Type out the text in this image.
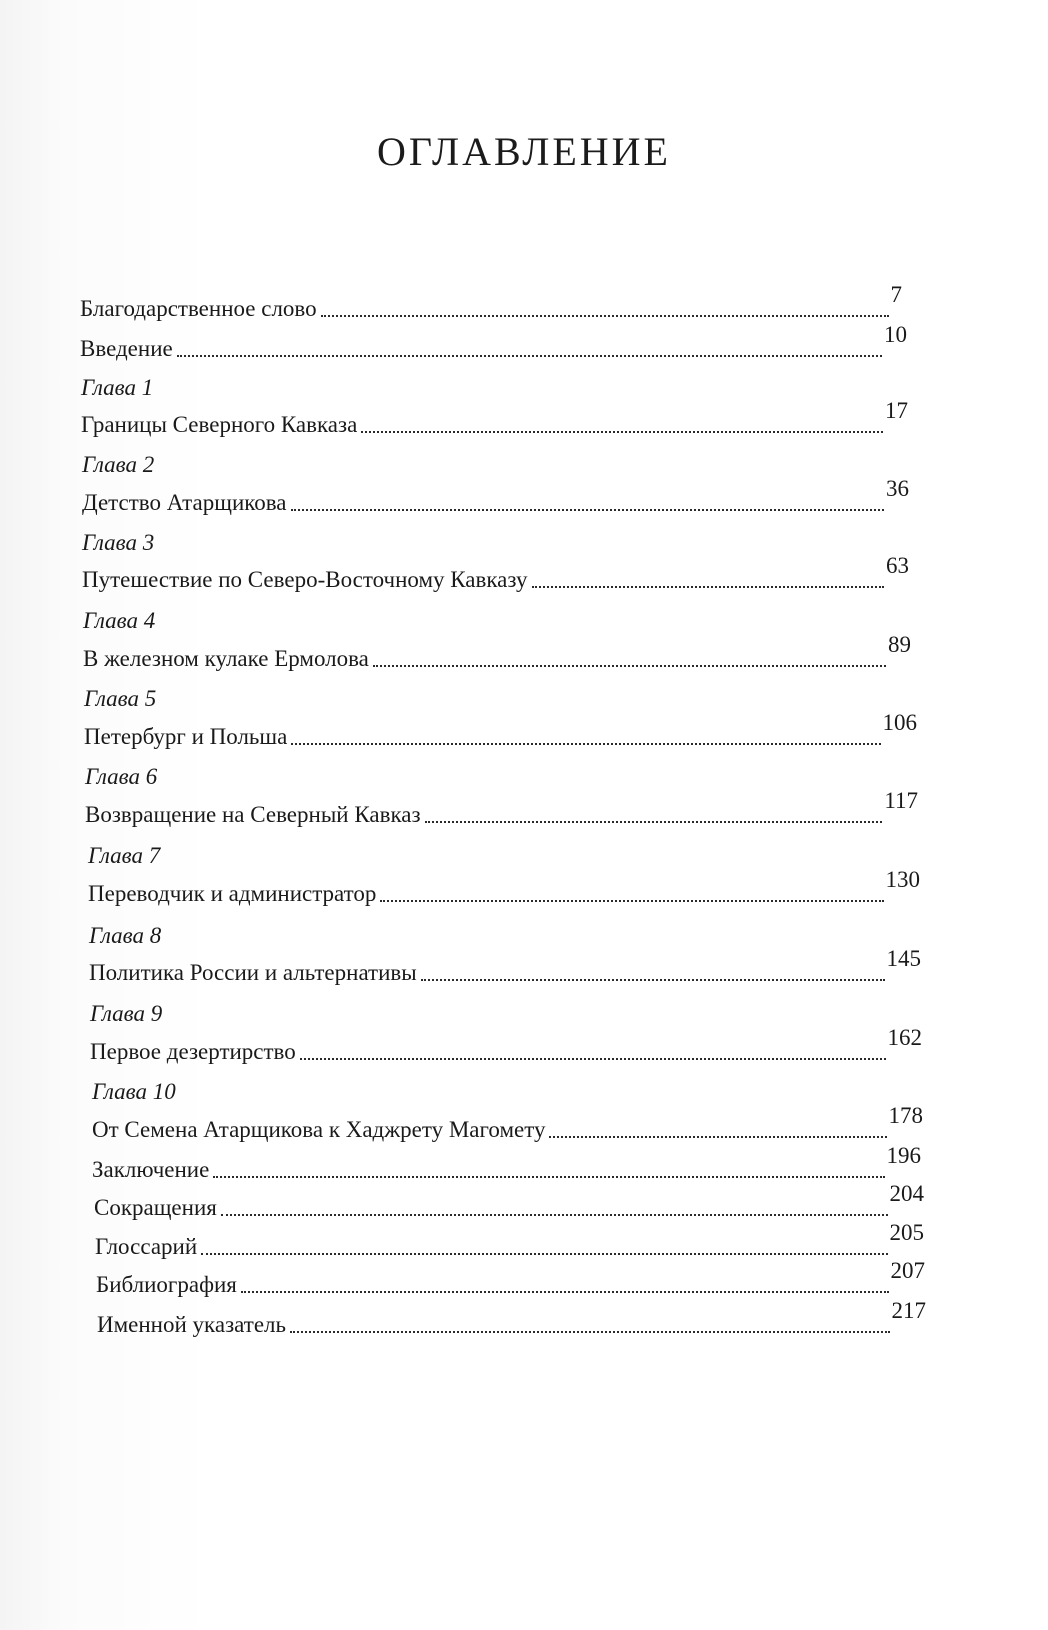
ОГЛАВЛЕНИЕ
Благодарственное слово
7
Введение
10
Глава 1
Границы Северного Кавказа
17
Глава 2
Детство Атарщикова
36
Глава 3
Путешествие по Северо-Восточному Кавказу
63
Глава 4
В железном кулаке Ермолова
89
Глава 5
Петербург и Польша
106
Глава 6
Возвращение на Северный Кавказ
117
Глава 7
Переводчик и администратор
130
Глава 8
Политика России и альтернативы
145
Глава 9
Первое дезертирство
162
Глава 10
От Семена Атарщикова к Хаджрету Магомету
178
Заключение
196
Сокращения
204
Глоссарий
205
Библиография
207
Именной указатель
217
